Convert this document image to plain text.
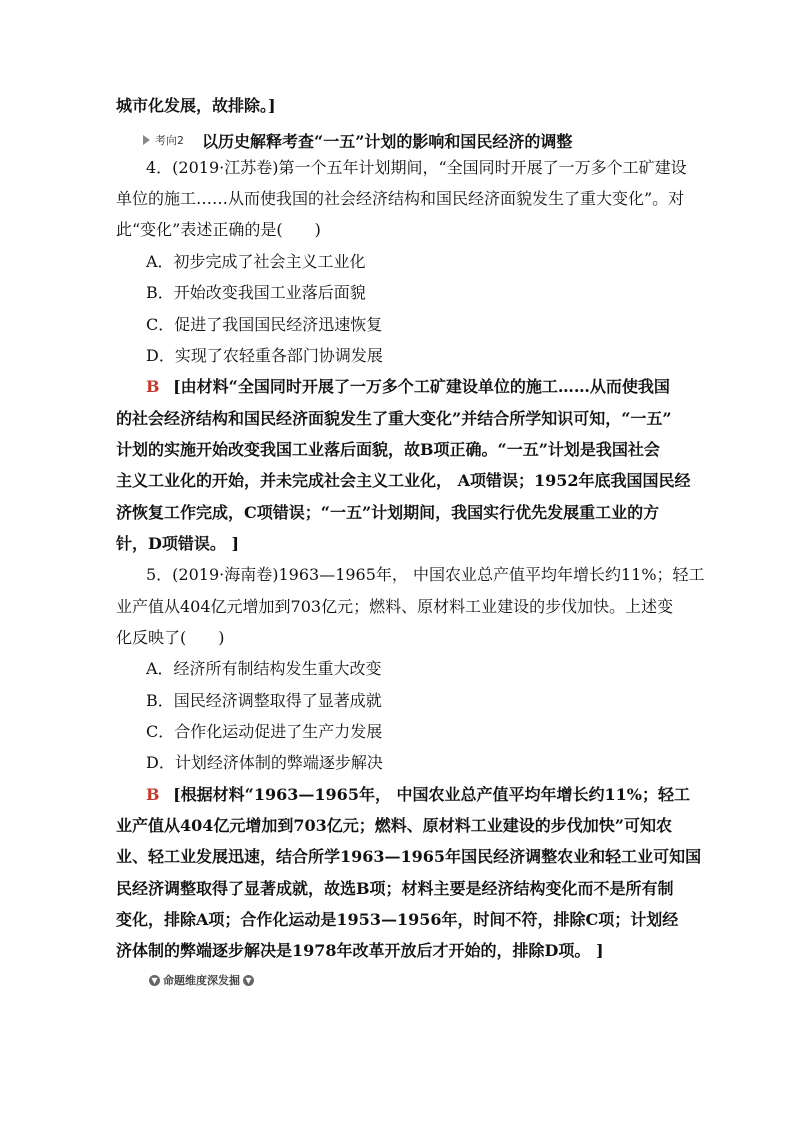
城市化发展，故排除。]
考向2 以历史解释考查“一五”计划的影响和国民经济的调整
4．(2019·江苏卷)第一个五年计划期间，“全国同时开展了一万多个工矿建设
单位的施工……从而使我国的社会经济结构和国民经济面貌发生了重大变化”。对
此“变化”表述正确的是(　　)
A．初步完成了社会主义工业化
B．开始改变我国工业落后面貌
C．促进了我国国民经济迅速恢复
D．实现了农轻重各部门协调发展
B [由材料“全国同时开展了一万多个工矿建设单位的施工……从而使我国
的社会经济结构和国民经济面貌发生了重大变化”并结合所学知识可知，“一五”
计划的实施开始改变我国工业落后面貌，故B项正确。“一五”计划是我国社会
主义工业化的开始，并未完成社会主义工业化， A项错误；1952年底我国国民经
济恢复工作完成，C项错误；“一五”计划期间，我国实行优先发展重工业的方
针，D项错误。 ]
5．(2019·海南卷)1963—1965年， 中国农业总产值平均年增长约11%；轻工
业产值从404亿元增加到703亿元；燃料、原材料工业建设的步伐加快。上述变
化反映了(　　)
A．经济所有制结构发生重大改变
B．国民经济调整取得了显著成就
C．合作化运动促进了生产力发展
D．计划经济体制的弊端逐步解决
B [根据材料“1963—1965年， 中国农业总产值平均年增长约11%；轻工
业产值从404亿元增加到703亿元；燃料、原材料工业建设的步伐加快”可知农
业、轻工业发展迅速，结合所学1963—1965年国民经济调整农业和轻工业可知国
民经济调整取得了显著成就，故选B项；材料主要是经济结构变化而不是所有制
变化，排除A项；合作化运动是1953—1956年，时间不符，排除C项；计划经
济体制的弊端逐步解决是1978年改革开放后才开始的，排除D项。 ]
▼ 命题维度深发掘 ▼
